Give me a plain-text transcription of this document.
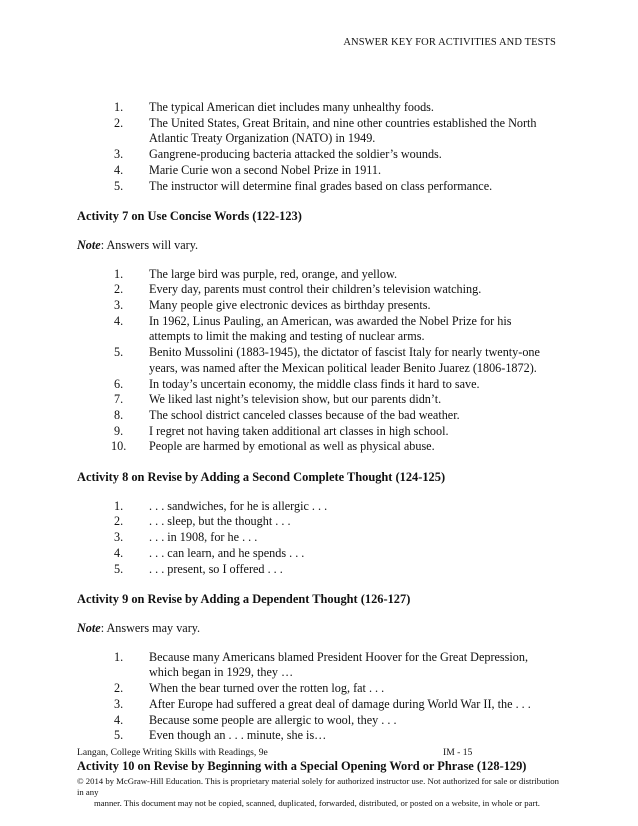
ANSWER KEY FOR ACTIVITIES AND TESTS
1.	The typical American diet includes many unhealthy foods.
2.	The United States, Great Britain, and nine other countries established the North
Atlantic Treaty Organization (NATO) in 1949.
3.	Gangrene-producing bacteria attacked the soldier’s wounds.
4.	Marie Curie won a second Nobel Prize in 1911.
5.	The instructor will determine final grades based on class performance.
Activity 7 on Use Concise Words (122-123)
Note: Answers will vary.
1.	The large bird was purple, red, orange, and yellow.
2.	Every day, parents must control their children’s television watching.
3.	Many people give electronic devices as birthday presents.
4.	In 1962, Linus Pauling, an American, was awarded the Nobel Prize for his
attempts to limit the making and testing of nuclear arms.
5.	Benito Mussolini (1883-1945), the dictator of fascist Italy for nearly twenty-one
years, was named after the Mexican political leader Benito Juarez (1806-1872).
6.	In today’s uncertain economy, the middle class finds it hard to save.
7.	We liked last night’s television show, but our parents didn’t.
8.	The school district canceled classes because of the bad weather.
9.	I regret not having taken additional art classes in high school.
10.	People are harmed by emotional as well as physical abuse.
Activity 8 on Revise by Adding a Second Complete Thought (124-125)
1.	. . . sandwiches, for he is allergic . . .
2.	. . . sleep, but the thought . . .
3.	. . . in 1908, for he . . .
4.	. . . can learn, and he spends . . .
5.	. . . present, so I offered . . .
Activity 9 on Revise by Adding a Dependent Thought (126-127)
Note: Answers may vary.
1.	Because many Americans blamed President Hoover for the Great Depression,
which began in 1929, they …
2.	When the bear turned over the rotten log, fat . . .
3.	After Europe had suffered a great deal of damage during World War II, the . . .
4.	Because some people are allergic to wool, they . . .
5.	Even though an . . . minute, she is…
Activity 10 on Revise by Beginning with a Special Opening Word or Phrase (128-129)
Langan, College Writing Skills with Readings, 9e	IM - 15
© 2014 by McGraw-Hill Education. This is proprietary material solely for authorized instructor use. Not authorized for sale or distribution in any
manner. This document may not be copied, scanned, duplicated, forwarded, distributed, or posted on a website, in whole or part.
